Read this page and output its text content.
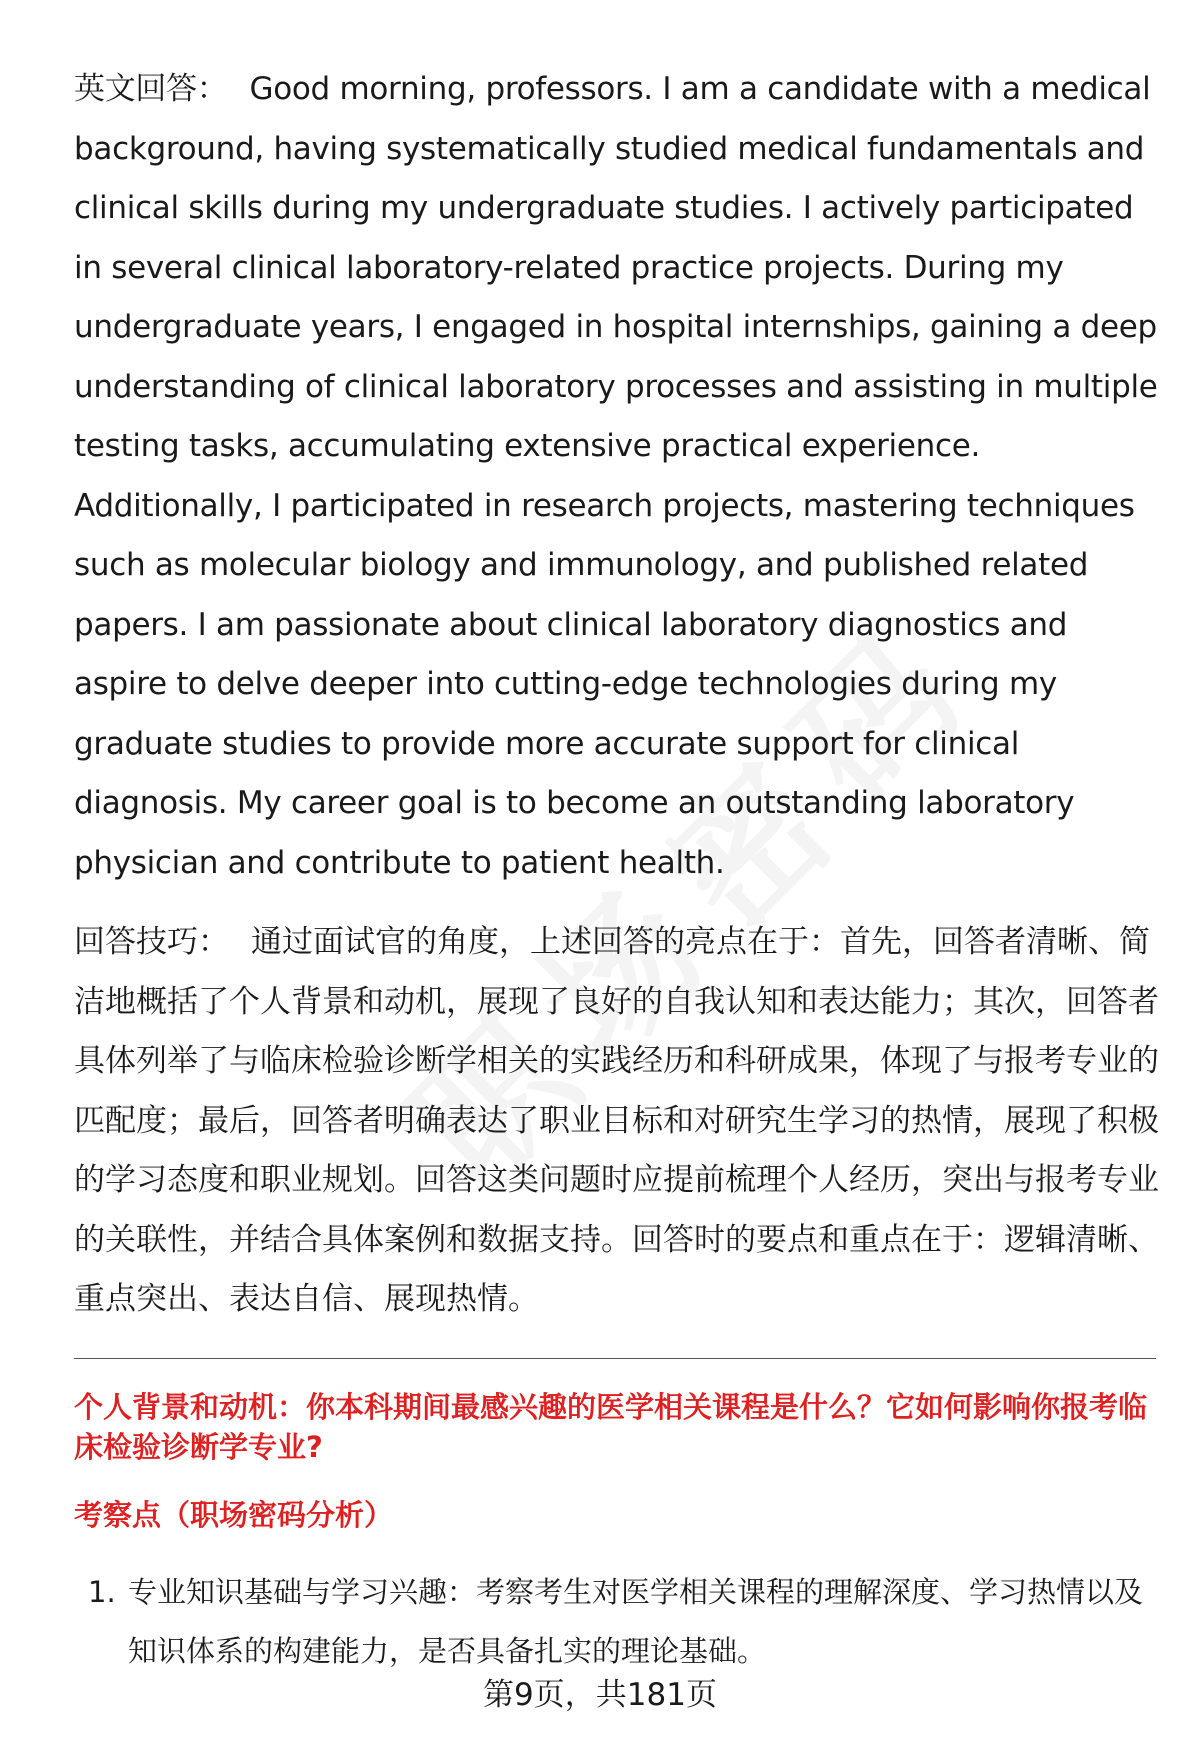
英文回答： Good morning, professors. I am a candidate with a medical background, having systematically studied medical fundamentals and clinical skills during my undergraduate studies. I actively participated in several clinical laboratory-related practice projects. During my undergraduate years, I engaged in hospital internships, gaining a deep understanding of clinical laboratory processes and assisting in multiple testing tasks, accumulating extensive practical experience. Additionally, I participated in research projects, mastering techniques such as molecular biology and immunology, and published related papers. I am passionate about clinical laboratory diagnostics and aspire to delve deeper into cutting-edge technologies during my graduate studies to provide more accurate support for clinical diagnosis. My career goal is to become an outstanding laboratory physician and contribute to patient health.

回答技巧： 通过面试官的角度，上述回答的亮点在于：首先，回答者清晰、简洁地概括了个人背景和动机，展现了良好的自我认知和表达能力；其次，回答者具体列举了与临床检验诊断学相关的实践经历和科研成果，体现了与报考专业的匹配度；最后，回答者明确表达了职业目标和对研究生学习的热情，展现了积极的学习态度和职业规划。回答这类问题时应提前梳理个人经历，突出与报考专业的关联性，并结合具体案例和数据支持。回答时的要点和重点在于：逻辑清晰、重点突出、表达自信、展现热情。

个人背景和动机：你本科期间最感兴趣的医学相关课程是什么？它如何影响你报考临床检验诊断学专业?

考察点（职场密码分析）

1. 专业知识基础与学习兴趣：考察考生对医学相关课程的理解深度、学习热情以及知识体系的构建能力，是否具备扎实的理论基础。
第9页，共181页
